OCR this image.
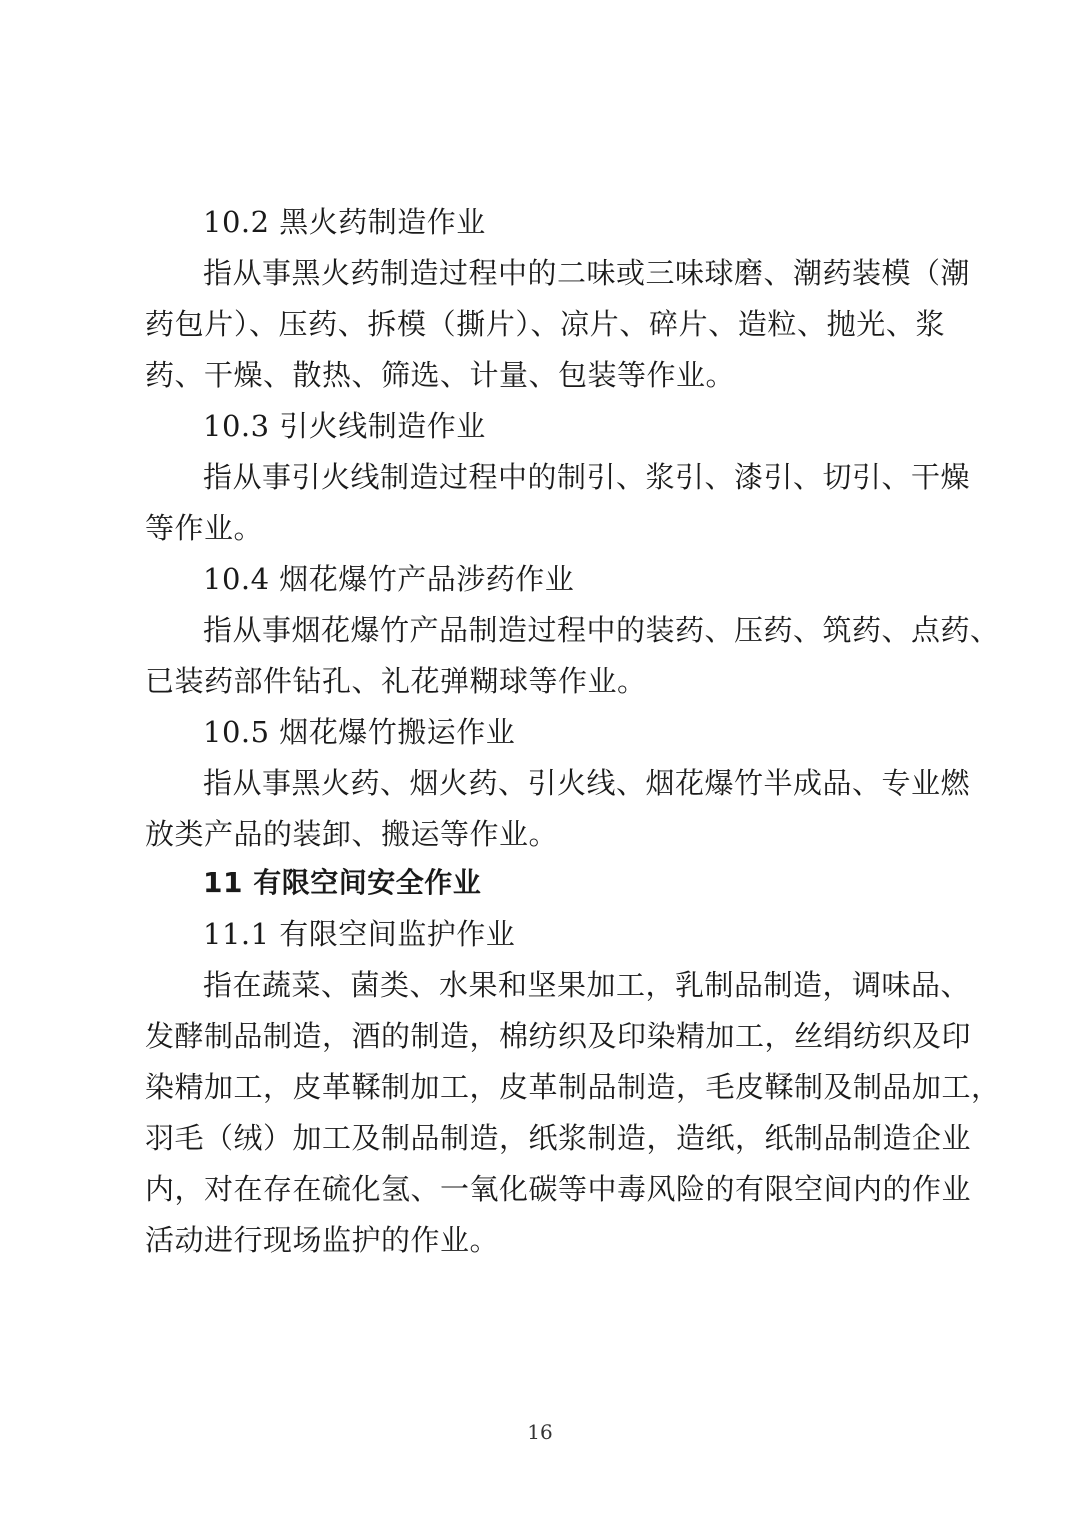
10.2 黑火药制造作业
指从事黑火药制造过程中的二味或三味球磨、潮药装模（潮
药包片）、压药、拆模（撕片）、凉片、碎片、造粒、抛光、浆
药、干燥、散热、筛选、计量、包装等作业。
10.3 引火线制造作业
指从事引火线制造过程中的制引、浆引、漆引、切引、干燥
等作业。
10.4 烟花爆竹产品涉药作业
指从事烟花爆竹产品制造过程中的装药、压药、筑药、点药、
已装药部件钻孔、礼花弹糊球等作业。
10.5 烟花爆竹搬运作业
指从事黑火药、烟火药、引火线、烟花爆竹半成品、专业燃
放类产品的装卸、搬运等作业。
11 有限空间安全作业
11.1 有限空间监护作业
指在蔬菜、菌类、水果和坚果加工，乳制品制造，调味品、
发酵制品制造，酒的制造，棉纺织及印染精加工，丝绢纺织及印
染精加工，皮革鞣制加工，皮革制品制造，毛皮鞣制及制品加工，
羽毛（绒）加工及制品制造，纸浆制造，造纸，纸制品制造企业
内，对在存在硫化氢、一氧化碳等中毒风险的有限空间内的作业
活动进行现场监护的作业。
16
